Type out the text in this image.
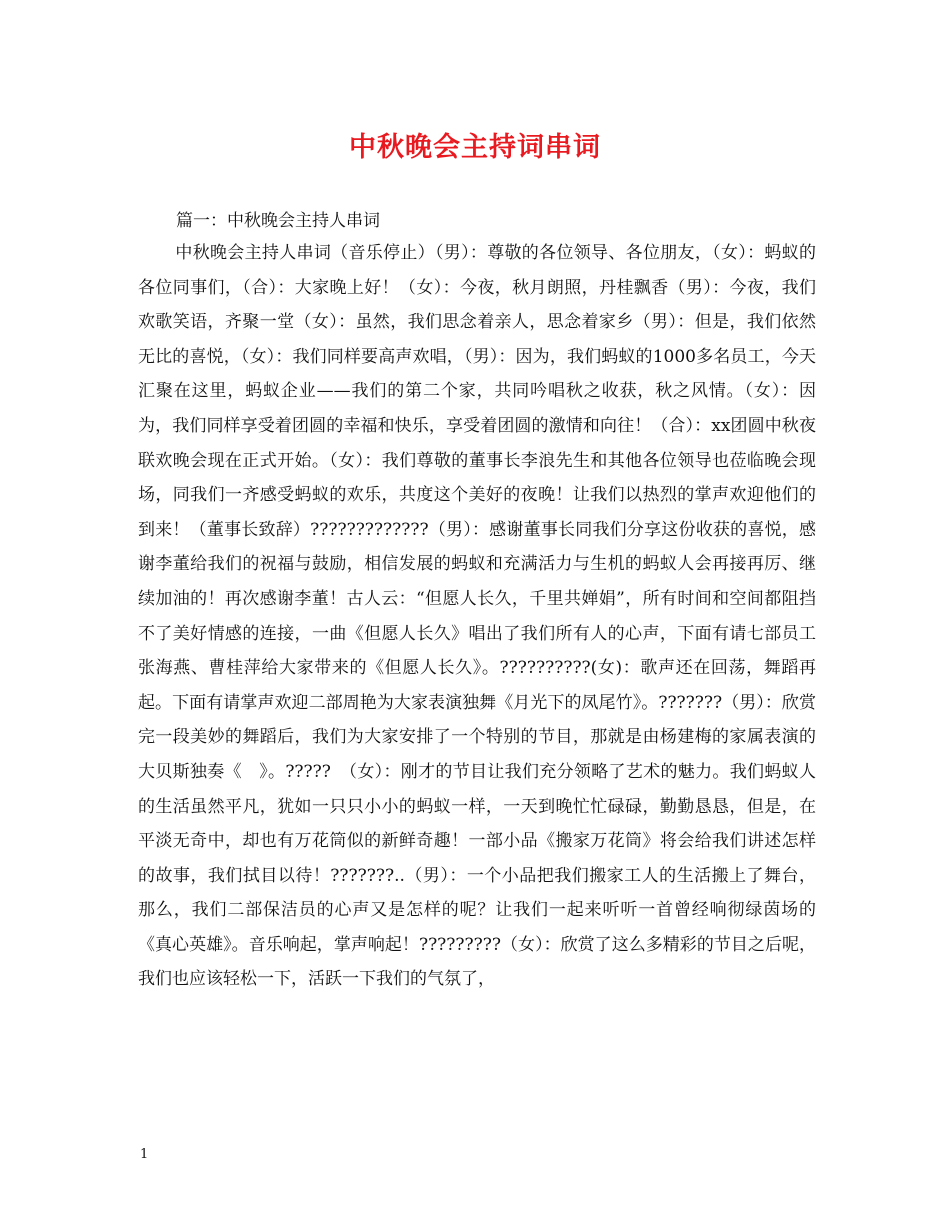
中秋晚会主持词串词

篇一：中秋晚会主持人串词

中秋晚会主持人串词（音乐停止）（男）：尊敬的各位领导、各位朋友，（女）：蚂蚁的各位同事们，（合）：大家晚上好！（女）：今夜，秋月朗照，丹桂飘香（男）：今夜，我们欢歌笑语，齐聚一堂（女）：虽然，我们思念着亲人，思念着家乡（男）：但是，我们依然无比的喜悦，（女）：我们同样要高声欢唱，（男）：因为，我们蚂蚁的1000多名员工，今天汇聚在这里，蚂蚁企业——我们的第二个家，共同吟唱秋之收获，秋之风情。（女）：因为，我们同样享受着团圆的幸福和快乐，享受着团圆的激情和向往！（合）：xx团圆中秋夜联欢晚会现在正式开始。（女）：我们尊敬的董事长李浪先生和其他各位领导也莅临晚会现场，同我们一齐感受蚂蚁的欢乐，共度这个美好的夜晚！让我们以热烈的掌声欢迎他们的到来！（董事长致辞）?????????????（男）：感谢董事长同我们分享这份收获的喜悦，感谢李董给我们的祝福与鼓励，相信发展的蚂蚁和充满活力与生机的蚂蚁人会再接再厉、继续加油的！再次感谢李董！古人云：“但愿人长久，千里共婵娟”，所有时间和空间都阻挡不了美好情感的连接，一曲《但愿人长久》唱出了我们所有人的心声，下面有请七部员工张海燕、曹桂萍给大家带来的《但愿人长久》。??????????(女)：歌声还在回荡，舞蹈再起。下面有请掌声欢迎二部周艳为大家表演独舞《月光下的凤尾竹》。???????（男）：欣赏完一段美妙的舞蹈后，我们为大家安排了一个特别的节目，那就是由杨建梅的家属表演的大贝斯独奏《　》。?????　（女）：刚才的节目让我们充分领略了艺术的魅力。我们蚂蚁人的生活虽然平凡，犹如一只只小小的蚂蚁一样，一天到晚忙忙碌碌，勤勤恳恳，但是，在平淡无奇中，却也有万花筒似的新鲜奇趣！一部小品《搬家万花筒》将会给我们讲述怎样的故事，我们拭目以待！???????..（男）：一个小品把我们搬家工人的生活搬上了舞台，那么，我们二部保洁员的心声又是怎样的呢？让我们一起来听听一首曾经响彻绿茵场的《真心英雄》。音乐响起，掌声响起！?????????（女）：欣赏了这么多精彩的节目之后呢，我们也应该轻松一下，活跃一下我们的气氛了，

1
